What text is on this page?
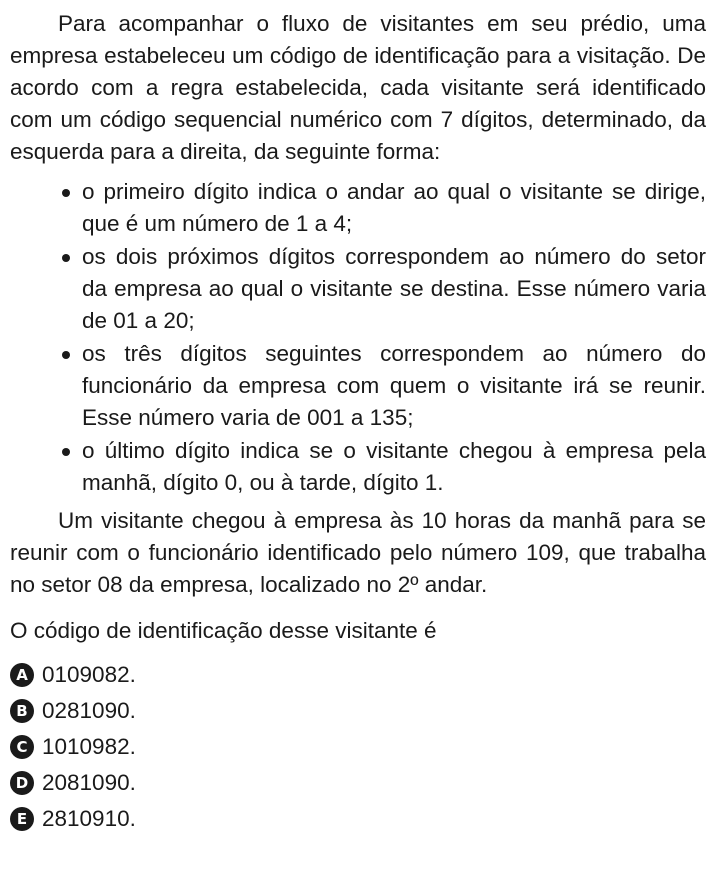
Para acompanhar o fluxo de visitantes em seu prédio, uma empresa estabeleceu um código de identificação para a visitação. De acordo com a regra estabelecida, cada visitante será identificado com um código sequencial numérico com 7 dígitos, determinado, da esquerda para a direita, da seguinte forma:

o primeiro dígito indica o andar ao qual o visitante se dirige, que é um número de 1 a 4;
os dois próximos dígitos correspondem ao número do setor da empresa ao qual o visitante se destina. Esse número varia de 01 a 20;
os três dígitos seguintes correspondem ao número do funcionário da empresa com quem o visitante irá se reunir. Esse número varia de 001 a 135;
o último dígito indica se o visitante chegou à empresa pela manhã, dígito 0, ou à tarde, dígito 1.

Um visitante chegou à empresa às 10 horas da manhã para se reunir com o funcionário identificado pelo número 109, que trabalha no setor 08 da empresa, localizado no 2º andar.

O código de identificação desse visitante é

A 0109082.
B 0281090.
C 1010982.
D 2081090.
E 2810910.
